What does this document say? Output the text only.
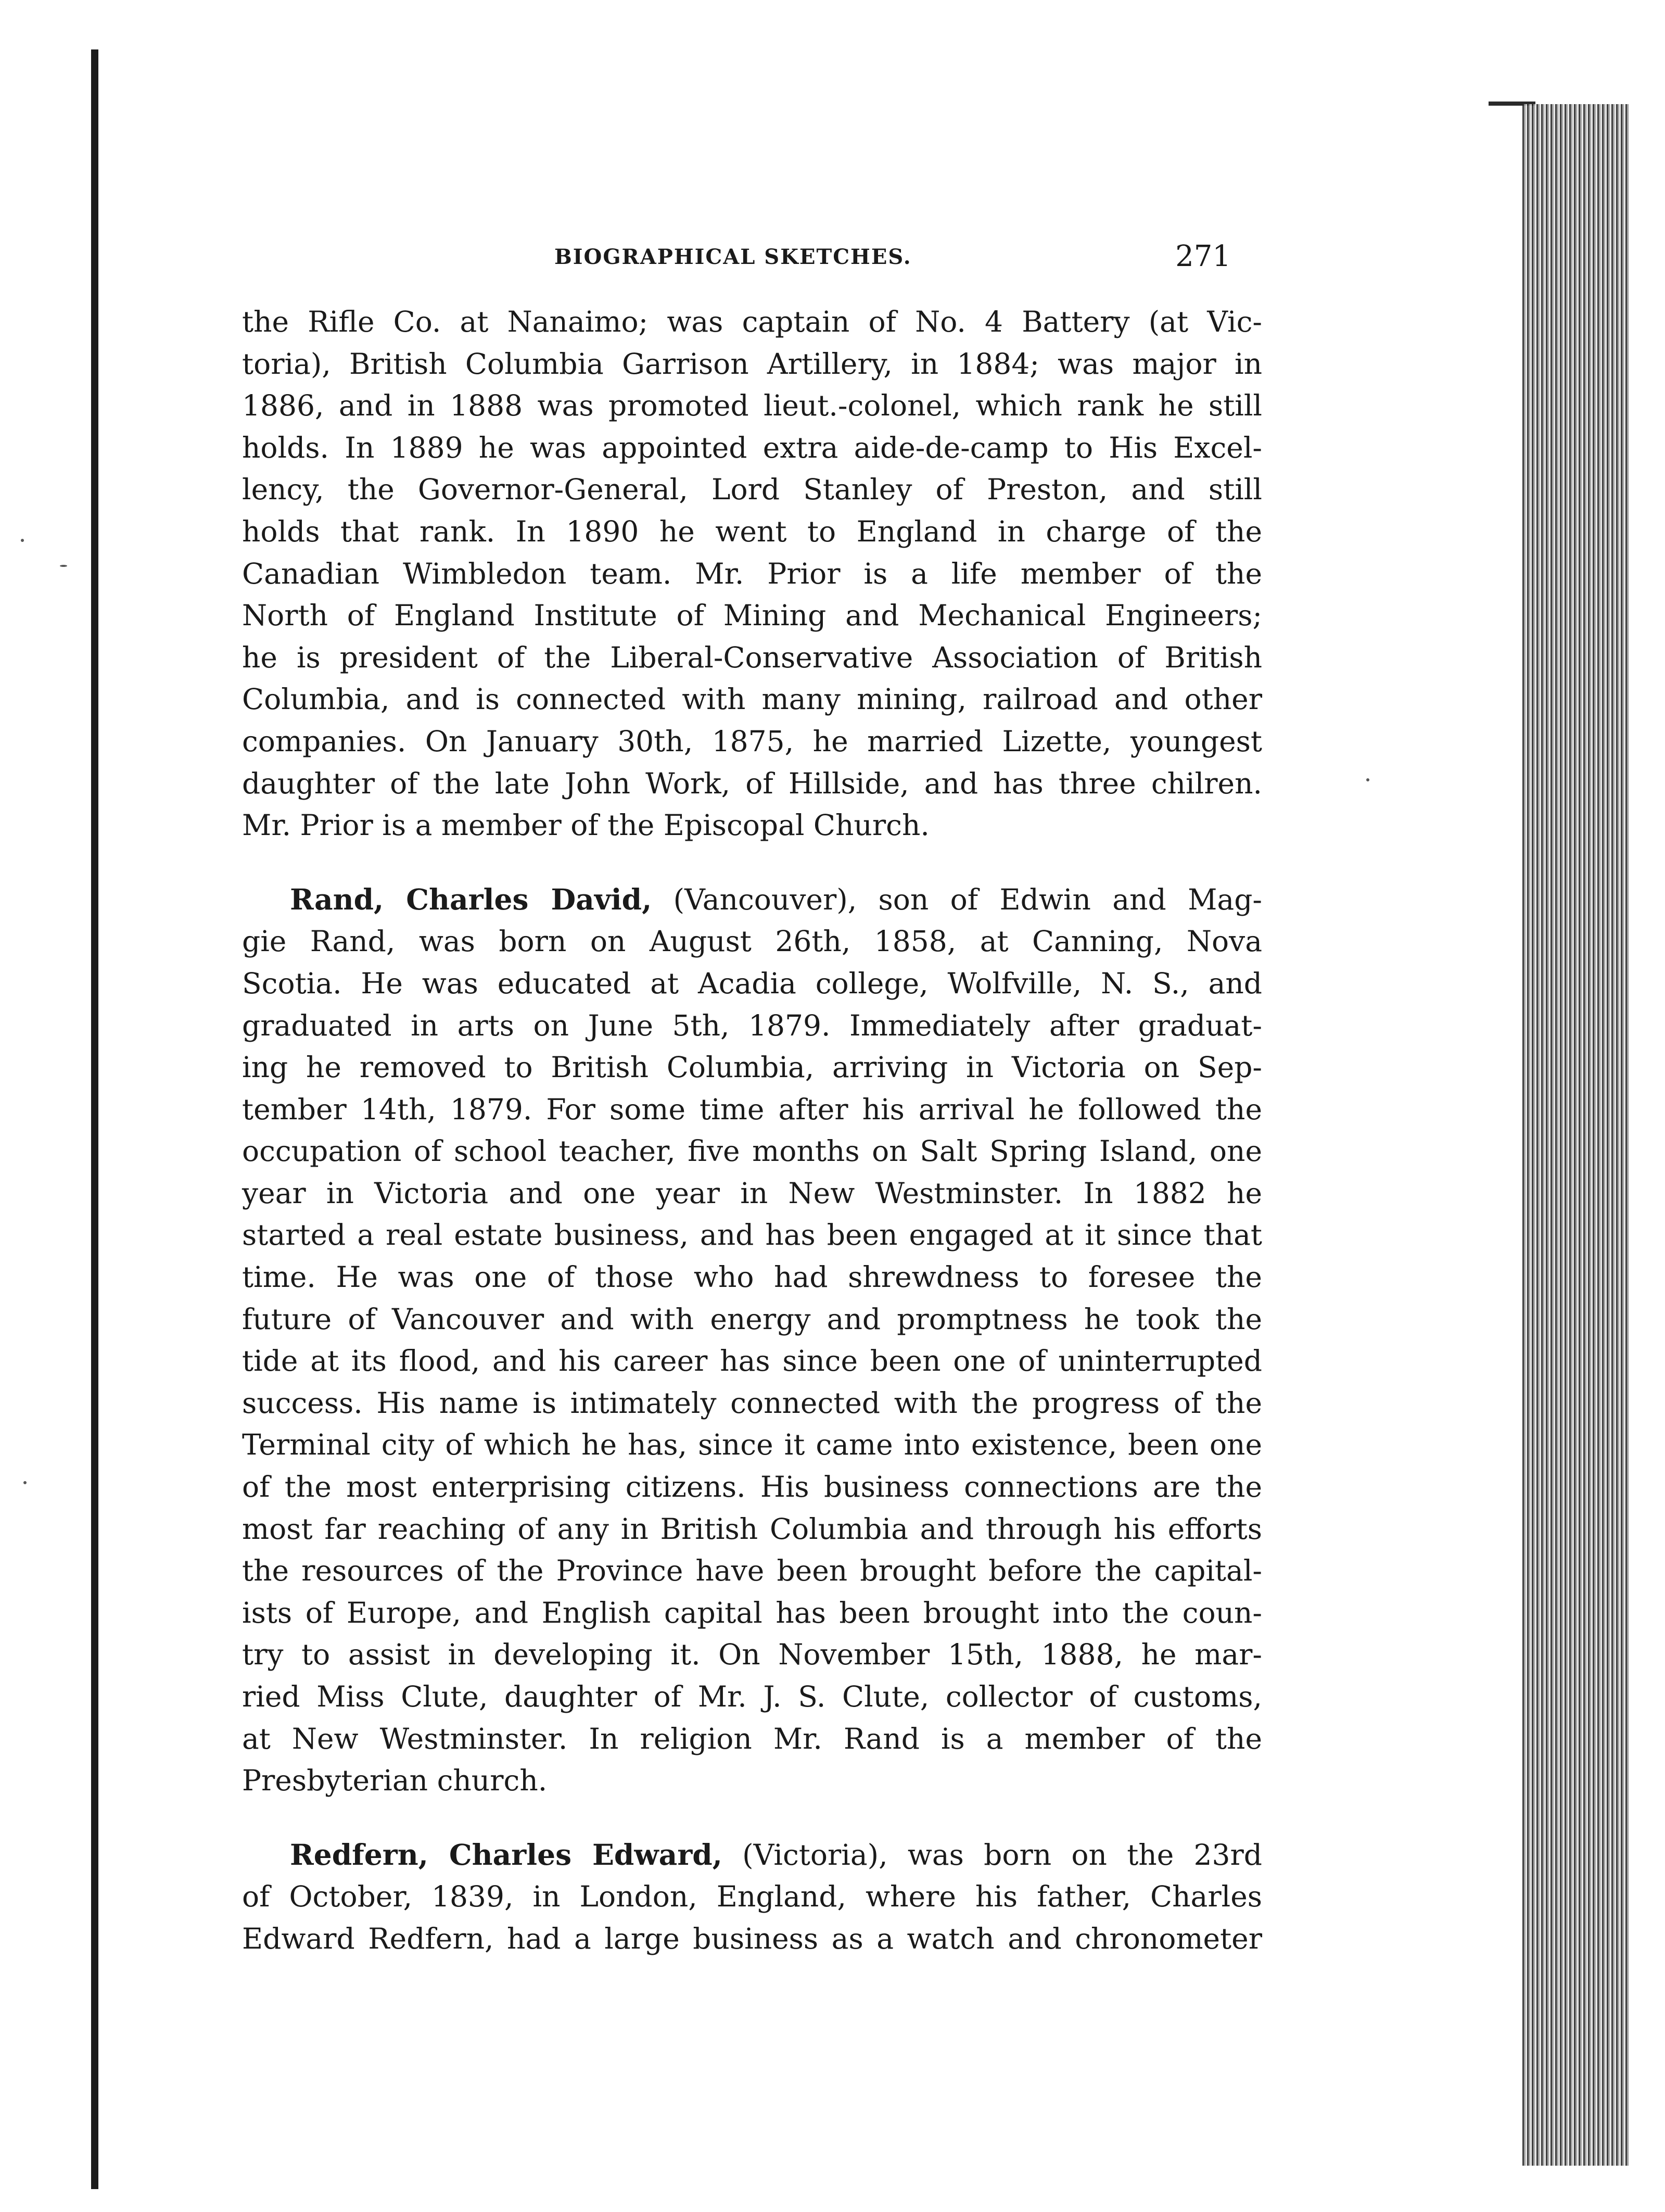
BIOGRAPHICAL SKETCHES.	271
the Rifle Co. at Nanaimo; was captain of No. 4 Battery (at Vic-
toria), British Columbia Garrison Artillery, in 1884; was major in
1886, and in 1888 was promoted lieut.-colonel, which rank he still
holds. In 1889 he was appointed extra aide-de-camp to His Excel-
lency, the Governor-General, Lord Stanley of Preston, and still
holds that rank. In 1890 he went to England in charge of the
Canadian Wimbledon team. Mr. Prior is a life member of the
North of England Institute of Mining and Mechanical Engineers;
he is president of the Liberal-Conservative Association of British
Columbia, and is connected with many mining, railroad and other
companies. On January 30th, 1875, he married Lizette, youngest
daughter of the late John Work, of Hillside, and has three chilren.
Mr. Prior is a member of the Episcopal Church.
Rand, Charles David, (Vancouver), son of Edwin and Mag-
gie Rand, was born on August 26th, 1858, at Canning, Nova
Scotia. He was educated at Acadia college, Wolfville, N. S., and
graduated in arts on June 5th, 1879. Immediately after graduat-
ing he removed to British Columbia, arriving in Victoria on Sep-
tember 14th, 1879. For some time after his arrival he followed the
occupation of school teacher, five months on Salt Spring Island, one
year in Victoria and one year in New Westminster. In 1882 he
started a real estate business, and has been engaged at it since that
time. He was one of those who had shrewdness to foresee the
future of Vancouver and with energy and promptness he took the
tide at its flood, and his career has since been one of uninterrupted
success. His name is intimately connected with the progress of the
Terminal city of which he has, since it came into existence, been one
of the most enterprising citizens. His business connections are the
most far reaching of any in British Columbia and through his efforts
the resources of the Province have been brought before the capital-
ists of Europe, and English capital has been brought into the coun-
try to assist in developing it. On November 15th, 1888, he mar-
ried Miss Clute, daughter of Mr. J. S. Clute, collector of customs,
at New Westminster. In religion Mr. Rand is a member of the
Presbyterian church.
Redfern, Charles Edward, (Victoria), was born on the 23rd
of October, 1839, in London, England, where his father, Charles
Edward Redfern, had a large business as a watch and chronometer
